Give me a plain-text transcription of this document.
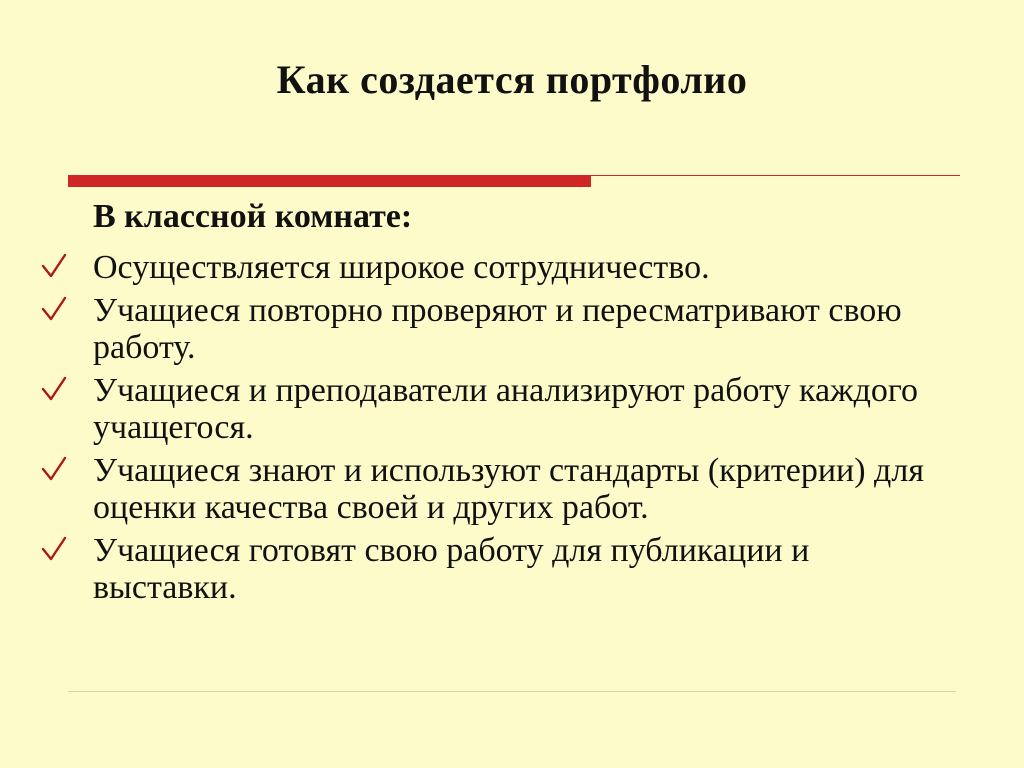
Как создается портфолио
В классной комнате:
Осуществляется широкое сотрудничество.
Учащиеся повторно проверяют и пересматривают свою работу.
Учащиеся и преподаватели анализируют работу каждого учащегося.
Учащиеся знают и используют стандарты (критерии) для оценки качества своей и других работ.
Учащиеся готовят свою работу для публикации и выставки.
